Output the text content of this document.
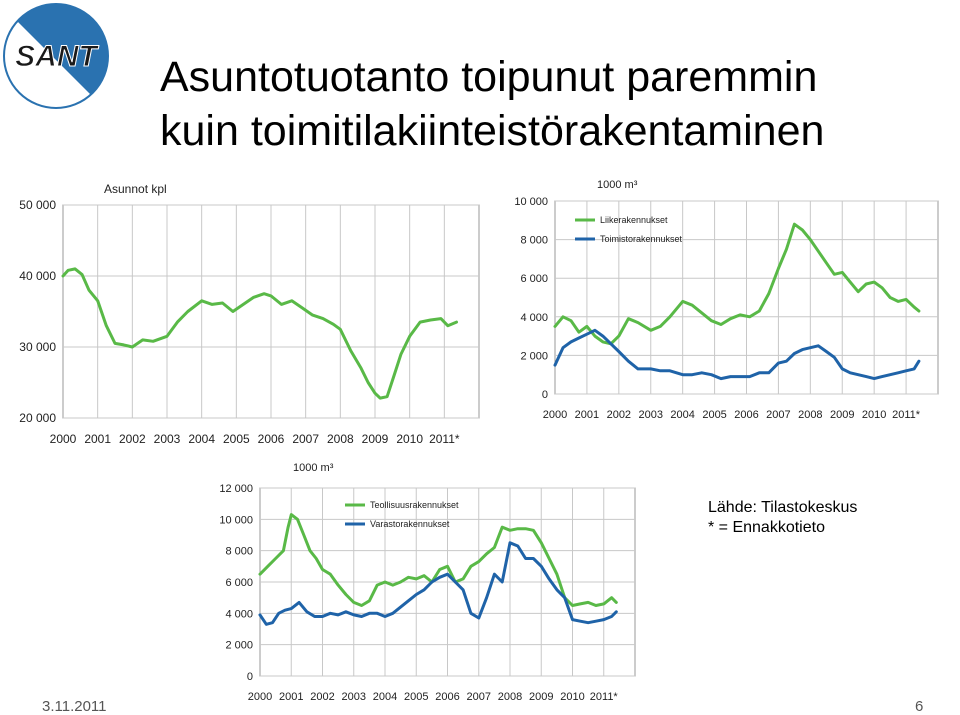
SANT Asuntotuotanto toipunut paremmin
kuin toimitilakiinteistörakentaminen
20 000
30 000
40 000
50 000
2000 2001 2002 2003 2004 2005 2006 2007 2008 2009 2010 2011*
Asunnot kpl
0
2 000
4 000
6 000
8 000
10 000
2000 2001 2002 2003 2004 2005 2006 2007 2008 2009 2010 2011*
1000 m³
Liikerakennukset
Toimistorakennukset
0
2 000
4 000
6 000
8 000
10 000
12 000
2000 2001 2002 2003 2004 2005 2006 2007 2008 2009 2010 2011*
1000 m³
Teollisuusrakennukset
Varastorakennukset
Lähde: Tilastokeskus
* = Ennakkotieto
3.11.2011	6
